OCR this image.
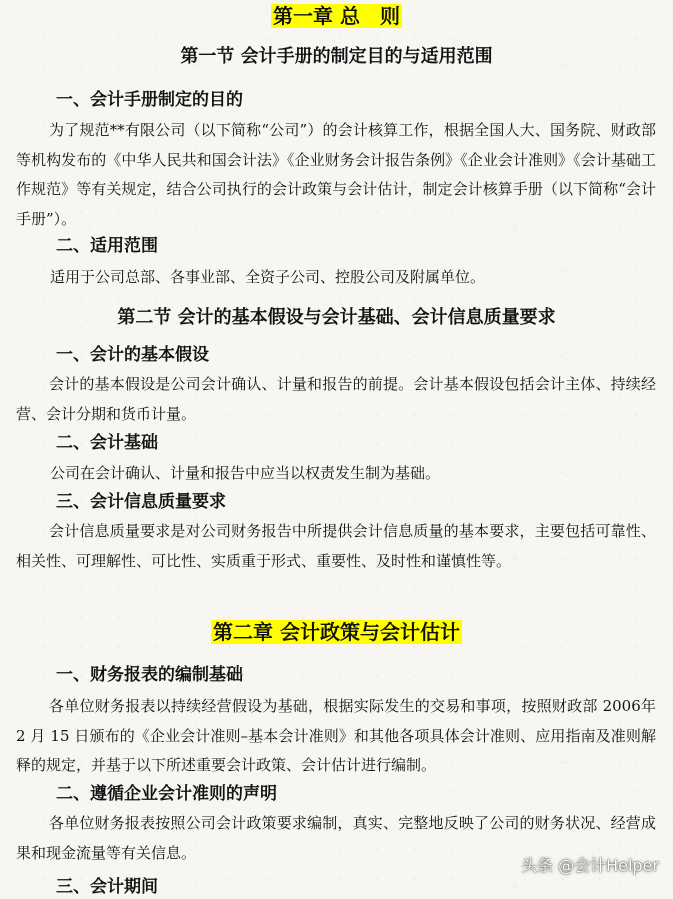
第一章 总　则
第一节 会计手册的制定目的与适用范围
一、会计手册制定的目的
为了规范**有限公司（以下简称“公司”）的会计核算工作，根据全国人大、国务院、财政部等机构发布的《中华人民共和国会计法》《企业财务会计报告条例》《企业会计准则》《会计基础工作规范》等有关规定，结合公司执行的会计政策与会计估计，制定会计核算手册（以下简称“会计手册”）。
二、适用范围
适用于公司总部、各事业部、全资子公司、控股公司及附属单位。
第二节 会计的基本假设与会计基础、会计信息质量要求
一、会计的基本假设
会计的基本假设是公司会计确认、计量和报告的前提。会计基本假设包括会计主体、持续经营、会计分期和货币计量。
二、会计基础
公司在会计确认、计量和报告中应当以权责发生制为基础。
三、会计信息质量要求
会计信息质量要求是对公司财务报告中所提供会计信息质量的基本要求，主要包括可靠性、相关性、可理解性、可比性、实质重于形式、重要性、及时性和谨慎性等。
第二章 会计政策与会计估计
一、财务报表的编制基础
各单位财务报表以持续经营假设为基础，根据实际发生的交易和事项，按照财政部 2006年 2 月 15 日颁布的《企业会计准则–基本会计准则》和其他各项具体会计准则、应用指南及准则解释的规定，并基于以下所述重要会计政策、会计估计进行编制。
二、遵循企业会计准则的声明
各单位财务报表按照公司会计政策要求编制，真实、完整地反映了公司的财务状况、经营成果和现金流量等有关信息。
三、会计期间
头条 @会计Helper
